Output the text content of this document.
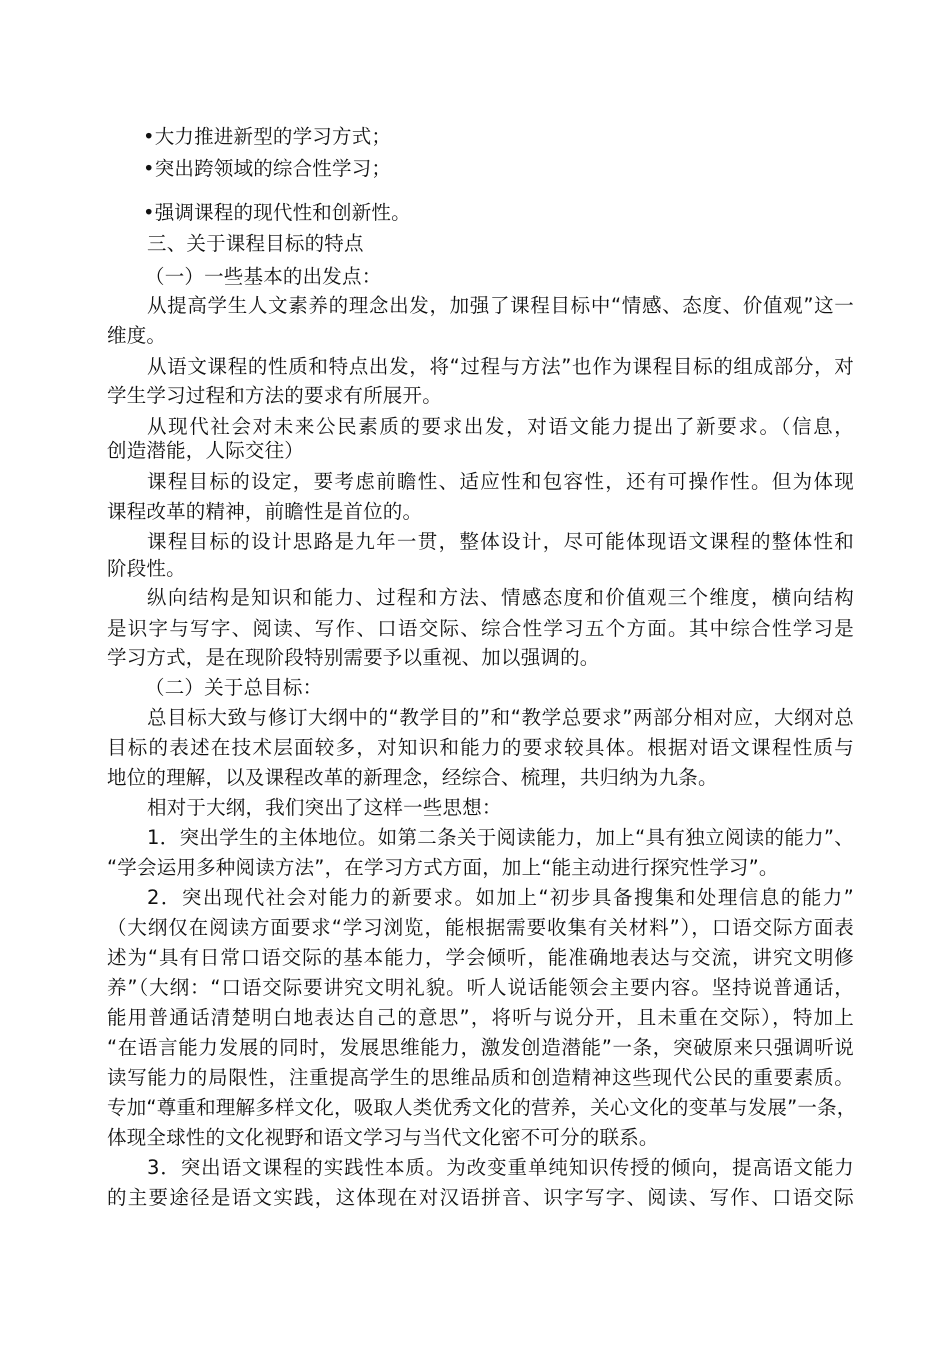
•大力推进新型的学习方式；
•突出跨领域的综合性学习；
•强调课程的现代性和创新性。
三、关于课程目标的特点
（一）一些基本的出发点：
从提高学生人文素养的理念出发，加强了课程目标中“情感、态度、价值观”这一
维度。
从语文课程的性质和特点出发，将“过程与方法”也作为课程目标的组成部分，对
学生学习过程和方法的要求有所展开。
从现代社会对未来公民素质的要求出发，对语文能力提出了新要求。（信息，
创造潜能，人际交往）
课程目标的设定，要考虑前瞻性、适应性和包容性，还有可操作性。但为体现
课程改革的精神，前瞻性是首位的。
课程目标的设计思路是九年一贯，整体设计，尽可能体现语文课程的整体性和
阶段性。
纵向结构是知识和能力、过程和方法、情感态度和价值观三个维度，横向结构
是识字与写字、阅读、写作、口语交际、综合性学习五个方面。其中综合性学习是
学习方式，是在现阶段特别需要予以重视、加以强调的。
（二）关于总目标：
总目标大致与修订大纲中的“教学目的”和“教学总要求”两部分相对应，大纲对总
目标的表述在技术层面较多，对知识和能力的要求较具体。根据对语文课程性质与
地位的理解，以及课程改革的新理念，经综合、梳理，共归纳为九条。
相对于大纲，我们突出了这样一些思想：
1．突出学生的主体地位。如第二条关于阅读能力，加上“具有独立阅读的能力”、
“学会运用多种阅读方法”，在学习方式方面，加上“能主动进行探究性学习”。
2．突出现代社会对能力的新要求。如加上“初步具备搜集和处理信息的能力”
（大纲仅在阅读方面要求“学习浏览，能根据需要收集有关材料”），口语交际方面表
述为“具有日常口语交际的基本能力，学会倾听，能准确地表达与交流，讲究文明修
养”（大纲：“口语交际要讲究文明礼貌。听人说话能领会主要内容。坚持说普通话，
能用普通话清楚明白地表达自己的意思”，将听与说分开，且未重在交际），特加上
“在语言能力发展的同时，发展思维能力，激发创造潜能”一条，突破原来只强调听说
读写能力的局限性，注重提高学生的思维品质和创造精神这些现代公民的重要素质。
专加“尊重和理解多样文化，吸取人类优秀文化的营养，关心文化的变革与发展”一条，
体现全球性的文化视野和语文学习与当代文化密不可分的联系。
3．突出语文课程的实践性本质。为改变重单纯知识传授的倾向，提高语文能力
的主要途径是语文实践，这体现在对汉语拼音、识字写字、阅读、写作、口语交际
